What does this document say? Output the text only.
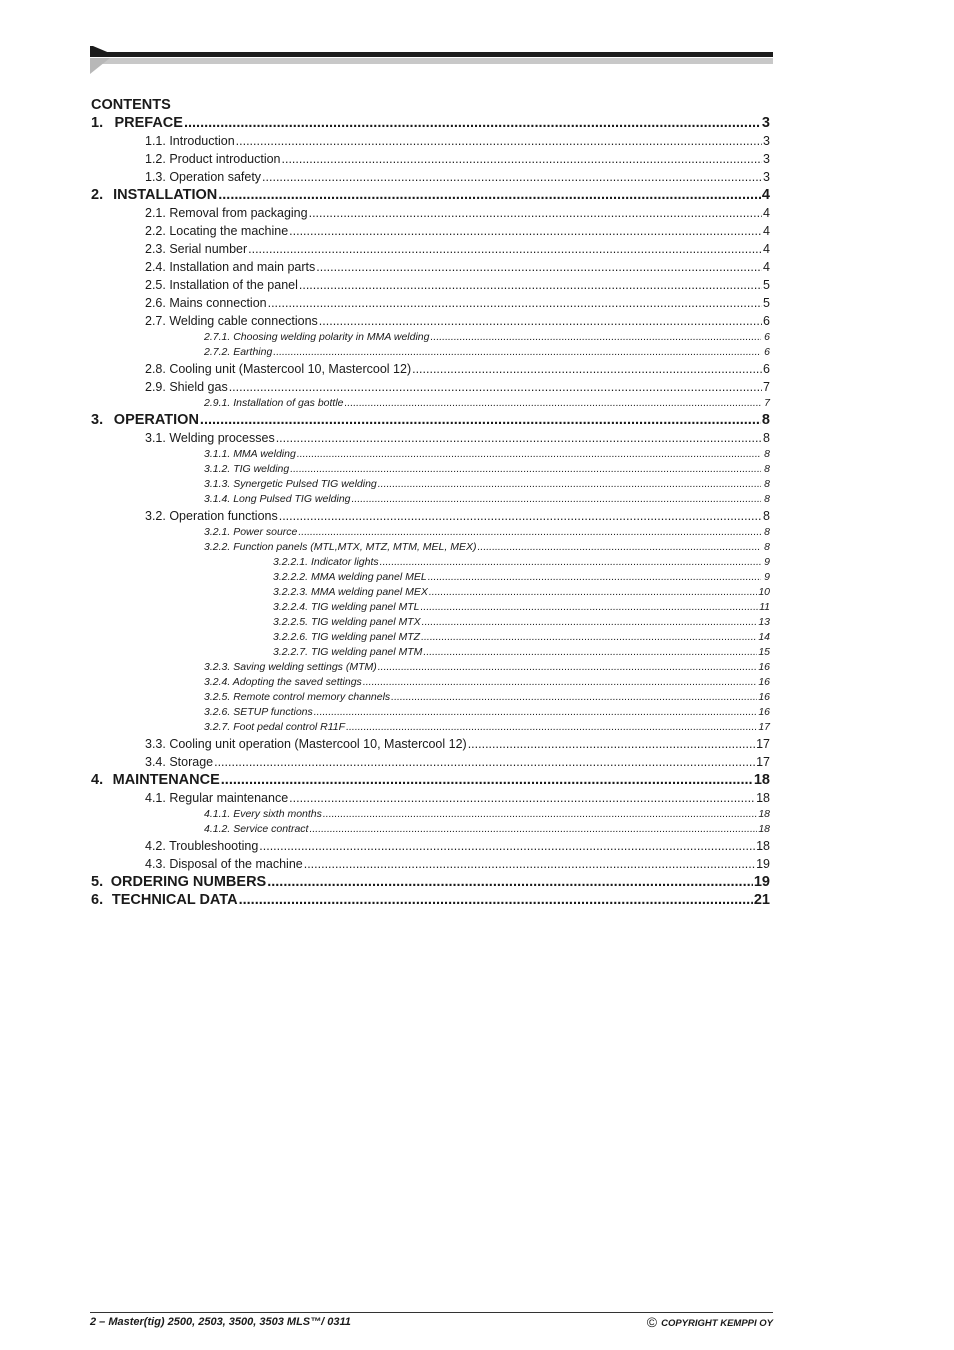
CONTENTS
1. PREFACE .....	3
1.1. Introduction .....	3
1.2. Product introduction .....	3
1.3. Operation safety .....	3
2. INSTALLATION .....	4
2.1. Removal from packaging .....	4
2.2. Locating the machine .....	4
2.3. Serial number .....	4
2.4. Installation and main parts .....	4
2.5. Installation of the panel .....	5
2.6. Mains connection .....	5
2.7. Welding cable connections .....	6
2.7.1. Choosing welding polarity in MMA welding .....	6
2.7.2. Earthing .....	6
2.8. Cooling unit (Mastercool 10, Mastercool 12) .....	6
2.9. Shield gas .....	7
2.9.1. Installation of gas bottle .....	7
3. OPERATION .....	8
3.1. Welding processes .....	8
3.1.1. MMA welding .....	8
3.1.2. TIG welding .....	8
3.1.3. Synergetic Pulsed TIG welding .....	8
3.1.4. Long Pulsed TIG welding .....	8
3.2. Operation functions .....	8
3.2.1. Power source .....	8
3.2.2. Function panels (MTL,MTX, MTZ, MTM, MEL, MEX) .....	8
3.2.2.1. Indicator lights .....	9
3.2.2.2. MMA welding panel MEL .....	9
3.2.2.3. MMA welding panel MEX .....	10
3.2.2.4. TIG welding panel MTL .....	11
3.2.2.5. TIG welding panel MTX .....	13
3.2.2.6. TIG welding panel MTZ .....	14
3.2.2.7. TIG welding panel MTM .....	15
3.2.3. Saving welding settings (MTM) .....	16
3.2.4. Adopting the saved settings .....	16
3.2.5. Remote control memory channels .....	16
3.2.6. SETUP functions .....	16
3.2.7. Foot pedal control R11F .....	17
3.3. Cooling unit operation (Mastercool 10, Mastercool 12) .....	17
3.4. Storage .....	17
4. MAINTENANCE .....	18
4.1. Regular maintenance .....	18
4.1.1. Every sixth months .....	18
4.1.2. Service contract .....	18
4.2. Troubleshooting .....	18
4.3. Disposal of the machine .....	19
5. ORDERING NUMBERS .....	19
6. TECHNICAL DATA .....	21
2 – Master(tig) 2500, 2503, 3500, 3503 MLS™/ 0311	© COPYRIGHT KEMPPI OY
